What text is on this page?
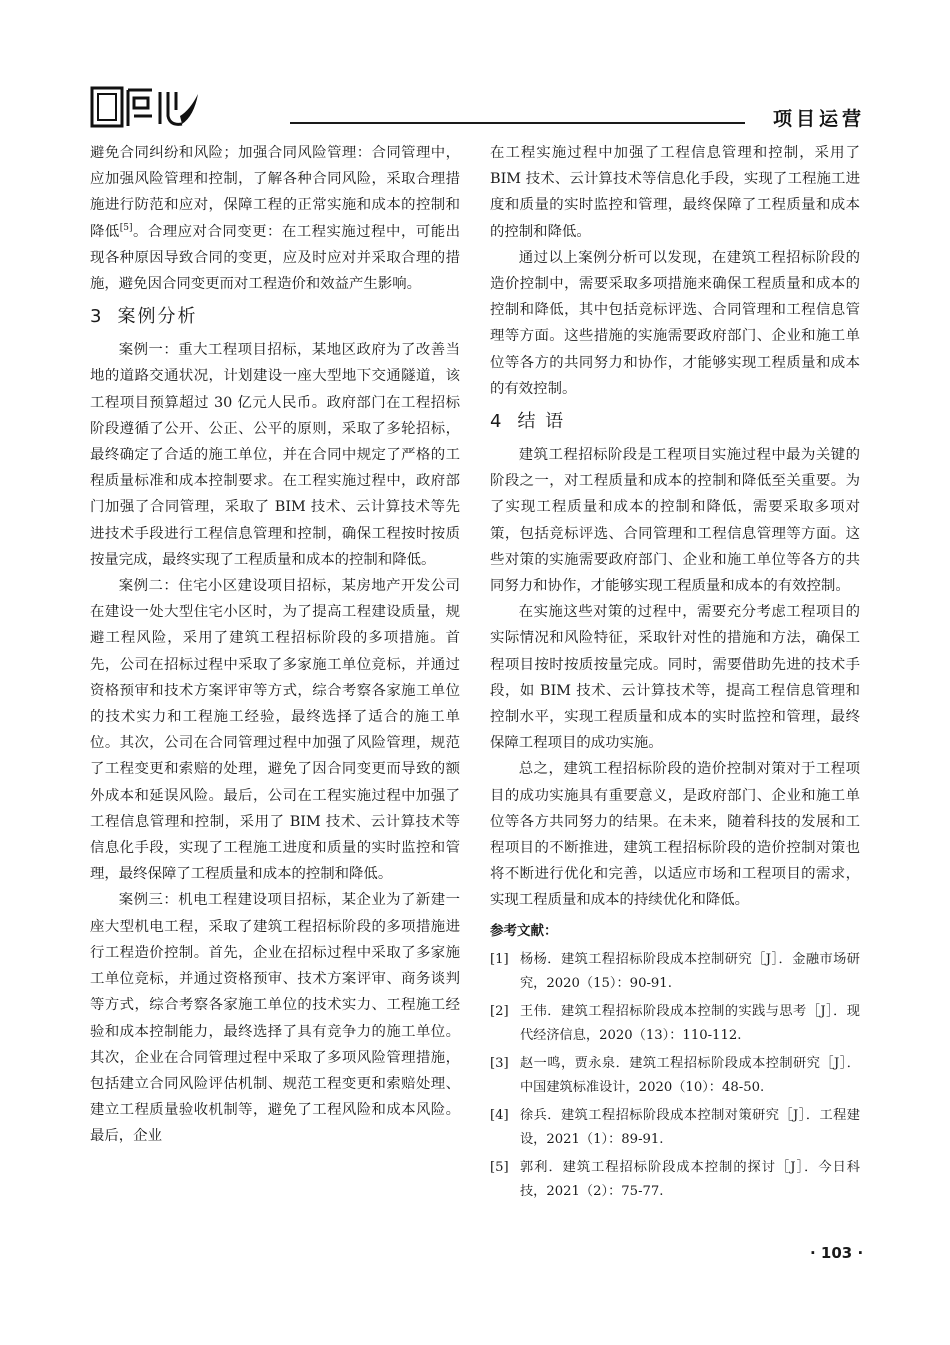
项目运营

避免合同纠纷和风险；加强合同风险管理：合同管理中，应加强风险管理和控制，了解各种合同风险，采取合理措施进行防范和应对，保障工程的正常实施和成本的控制和降低[5]。合理应对合同变更：在工程实施过程中，可能出现各种原因导致合同的变更，应及时应对并采取合理的措施，避免因合同变更而对工程造价和效益产生影响。

3 案例分析

案例一：重大工程项目招标，某地区政府为了改善当地的道路交通状况，计划建设一座大型地下交通隧道，该工程项目预算超过 30 亿元人民币。政府部门在工程招标阶段遵循了公开、公正、公平的原则，采取了多轮招标，最终确定了合适的施工单位，并在合同中规定了严格的工程质量标准和成本控制要求。在工程实施过程中，政府部门加强了合同管理，采取了 BIM 技术、云计算技术等先进技术手段进行工程信息管理和控制，确保工程按时按质按量完成，最终实现了工程质量和成本的控制和降低。

案例二：住宅小区建设项目招标，某房地产开发公司在建设一处大型住宅小区时，为了提高工程建设质量，规避工程风险，采用了建筑工程招标阶段的多项措施。首先，公司在招标过程中采取了多家施工单位竞标，并通过资格预审和技术方案评审等方式，综合考察各家施工单位的技术实力和工程施工经验，最终选择了适合的施工单位。其次，公司在合同管理过程中加强了风险管理，规范了工程变更和索赔的处理，避免了因合同变更而导致的额外成本和延误风险。最后，公司在工程实施过程中加强了工程信息管理和控制，采用了 BIM 技术、云计算技术等信息化手段，实现了工程施工进度和质量的实时监控和管理，最终保障了工程质量和成本的控制和降低。

案例三：机电工程建设项目招标，某企业为了新建一座大型机电工程，采取了建筑工程招标阶段的多项措施进行工程造价控制。首先，企业在招标过程中采取了多家施工单位竞标，并通过资格预审、技术方案评审、商务谈判等方式，综合考察各家施工单位的技术实力、工程施工经验和成本控制能力，最终选择了具有竞争力的施工单位。其次，企业在合同管理过程中采取了多项风险管理措施，包括建立合同风险评估机制、规范工程变更和索赔处理、建立工程质量验收机制等，避免了工程风险和成本风险。最后，企业

在工程实施过程中加强了工程信息管理和控制，采用了 BIM 技术、云计算技术等信息化手段，实现了工程施工进度和质量的实时监控和管理，最终保障了工程质量和成本的控制和降低。

通过以上案例分析可以发现，在建筑工程招标阶段的造价控制中，需要采取多项措施来确保工程质量和成本的控制和降低，其中包括竞标评选、合同管理和工程信息管理等方面。这些措施的实施需要政府部门、企业和施工单位等各方的共同努力和协作，才能够实现工程质量和成本的有效控制。

4 结 语

建筑工程招标阶段是工程项目实施过程中最为关键的阶段之一，对工程质量和成本的控制和降低至关重要。为了实现工程质量和成本的控制和降低，需要采取多项对策，包括竞标评选、合同管理和工程信息管理等方面。这些对策的实施需要政府部门、企业和施工单位等各方的共同努力和协作，才能够实现工程质量和成本的有效控制。

在实施这些对策的过程中，需要充分考虑工程项目的实际情况和风险特征，采取针对性的措施和方法，确保工程项目按时按质按量完成。同时，需要借助先进的技术手段，如 BIM 技术、云计算技术等，提高工程信息管理和控制水平，实现工程质量和成本的实时监控和管理，最终保障工程项目的成功实施。

总之，建筑工程招标阶段的造价控制对策对于工程项目的成功实施具有重要意义，是政府部门、企业和施工单位等各方共同努力的结果。在未来，随着科技的发展和工程项目的不断推进，建筑工程招标阶段的造价控制对策也将不断进行优化和完善，以适应市场和工程项目的需求，实现工程质量和成本的持续优化和降低。

参考文献：
[1] 杨杨．建筑工程招标阶段成本控制研究［J］．金融市场研究，2020（15）：90-91.
[2] 王伟．建筑工程招标阶段成本控制的实践与思考［J］．现代经济信息，2020（13）：110-112.
[3] 赵一鸣，贾永泉．建筑工程招标阶段成本控制研究［J］．中国建筑标准设计，2020（10）：48-50.
[4] 徐兵．建筑工程招标阶段成本控制对策研究［J］．工程建设，2021（1）：89-91.
[5] 郭利．建筑工程招标阶段成本控制的探讨［J］．今日科技，2021（2）：75-77.
· 103 ·
